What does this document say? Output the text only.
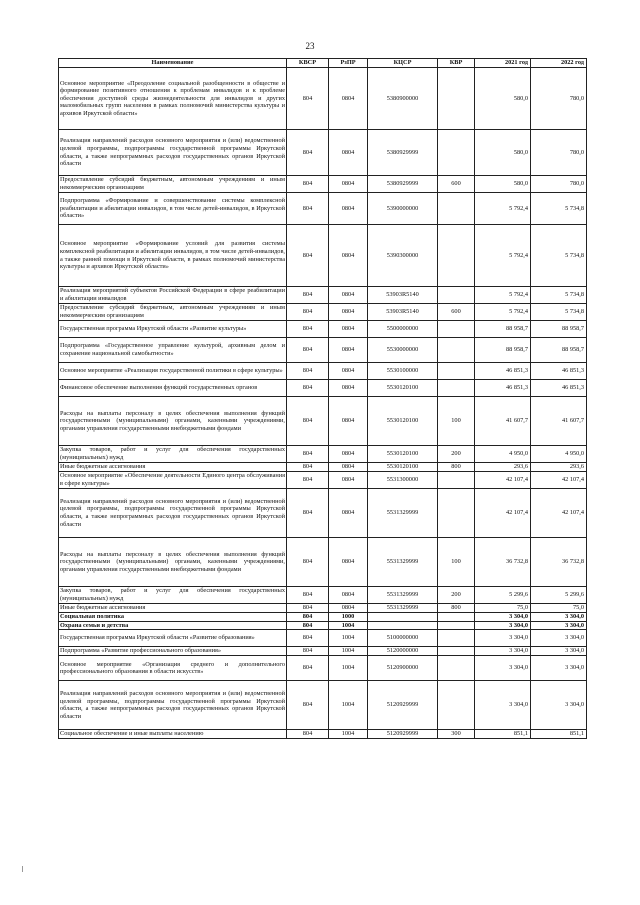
23
Наименование	КВСР	РзПР	КЦСР	КВР	2021 год	2022 год
Основное мероприятие «Преодоление социальной разобщенности в обществе и формирование позитивного отношения к проблемам инвалидов и к проблеме обеспечения доступной среды жизнедеятельности для инвалидов и других маломобильных групп населения в рамках полномочий министерства культуры и архивов Иркутской области»	804	0804	5380900000		580,0	780,0
Реализация направлений расходов основного мероприятия и (или) ведомственной целевой программы, подпрограммы государственной программы Иркутской области, а также непрограммных расходов государственных органов Иркутской области	804	0804	5380929999		580,0	780,0
Предоставление субсидий бюджетным, автономным учреждениям и иным некоммерческим организациям	804	0804	5380929999	600	580,0	780,0
Подпрограмма «Формирование и совершенствование системы комплексной реабилитации и абилитации инвалидов, в том числе детей-инвалидов, в Иркутской области»	804	0804	5390000000		5 792,4	5 734,8
Основное мероприятие «Формирование условий для развития системы комплексной реабилитации и абилитации инвалидов, в том числе детей-инвалидов, а также ранней помощи в Иркутской области, в рамках полномочий министерства культуры и архивов Иркутской области»	804	0804	5390300000		5 792,4	5 734,8
Реализация мероприятий субъектов Российской Федерации в сфере реабилитации и абилитации инвалидов	804	0804	53903R5140		5 792,4	5 734,8
Предоставление субсидий бюджетным, автономным учреждениям и иным некоммерческим организациям	804	0804	53903R5140	600	5 792,4	5 734,8
Государственная программа Иркутской области «Развитие культуры»	804	0804	5500000000		88 958,7	88 958,7
Подпрограмма «Государственное управление культурой, архивным делом и сохранение национальной самобытности»	804	0804	5530000000		88 958,7	88 958,7
Основное мероприятие «Реализация государственной политики в сфере культуры»	804	0804	5530100000		46 851,3	46 851,3
Финансовое обеспечение выполнения функций государственных органов	804	0804	5530120100		46 851,3	46 851,3
Расходы на выплаты персоналу в целях обеспечения выполнения функций государственными (муниципальными) органами, казенными учреждениями, органами управления государственными внебюджетными фондами	804	0804	5530120100	100	41 607,7	41 607,7
Закупка товаров, работ и услуг для обеспечения государственных (муниципальных) нужд	804	0804	5530120100	200	4 950,0	4 950,0
Иные бюджетные ассигнования	804	0804	5530120100	800	293,6	293,6
Основное мероприятие «Обеспечение деятельности Единого центра обслуживания в сфере культуры»	804	0804	5531300000		42 107,4	42 107,4
Реализация направлений расходов основного мероприятия и (или) ведомственной целевой программы, подпрограммы государственной программы Иркутской области, а также непрограммных расходов государственных органов Иркутской области	804	0804	5531329999		42 107,4	42 107,4
Расходы на выплаты персоналу в целях обеспечения выполнения функций государственными (муниципальными) органами, казенными учреждениями, органами управления государственными внебюджетными фондами	804	0804	5531329999	100	36 732,8	36 732,8
Закупка товаров, работ и услуг для обеспечения государственных (муниципальных) нужд	804	0804	5531329999	200	5 299,6	5 299,6
Иные бюджетные ассигнования	804	0804	5531329999	800	75,0	75,0
Социальная политика	804	1000			3 304,0	3 304,0
Охрана семьи и детства	804	1004			3 304,0	3 304,0
Государственная программа Иркутской области «Развитие образования»	804	1004	5100000000		3 304,0	3 304,0
Подпрограмма «Развитие профессионального образования»	804	1004	5120000000		3 304,0	3 304,0
Основное мероприятие «Организация среднего и дополнительного профессионального образования в области искусств»	804	1004	5120900000		3 304,0	3 304,0
Реализация направлений расходов основного мероприятия и (или) ведомственной целевой программы, подпрограммы государственной программы Иркутской области, а также непрограммных расходов государственных органов Иркутской области	804	1004	5120929999		3 304,0	3 304,0
Социальное обеспечение и иные выплаты населению	804	1004	5120929999	300	851,1	851,1
